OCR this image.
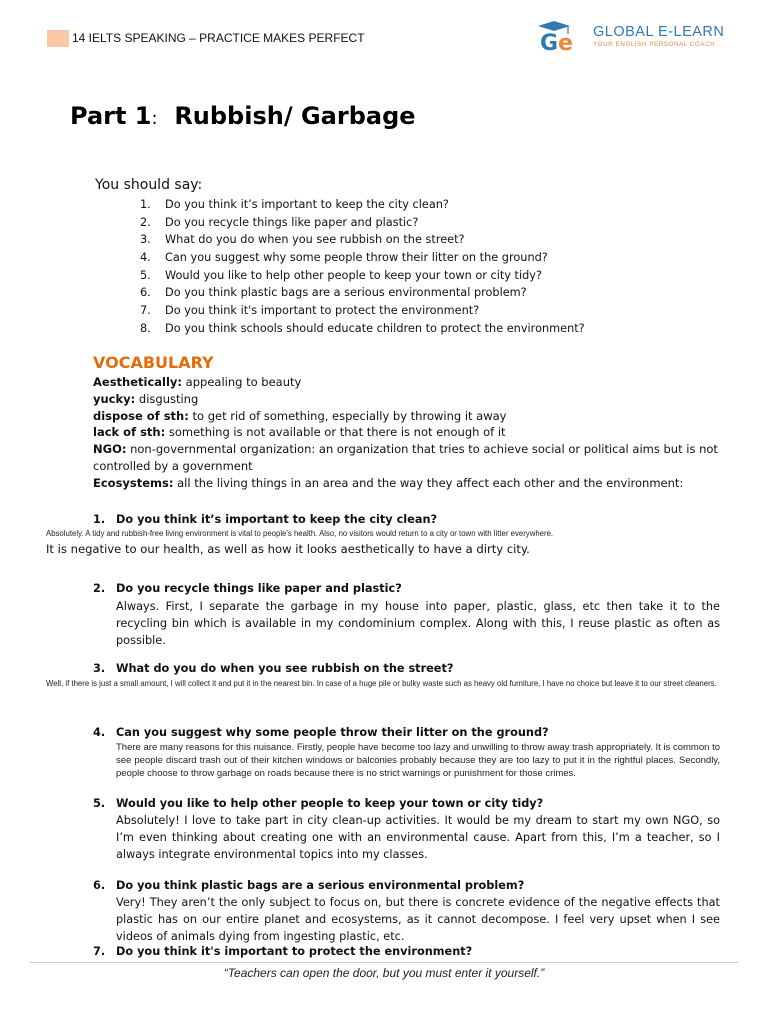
14 IELTS SPEAKING – PRACTICE MAKES PERFECT	G e GLOBAL E-LEARN
YOUR ENGLISH PERSONAL COACH
Part 1: Rubbish/ Garbage
You should say:
1. Do you think it’s important to keep the city clean?
2. Do you recycle things like paper and plastic?
3. What do you do when you see rubbish on the street?
4. Can you suggest why some people throw their litter on the ground?
5. Would you like to help other people to keep your town or city tidy?
6. Do you think plastic bags are a serious environmental problem?
7. Do you think it's important to protect the environment?
8. Do you think schools should educate children to protect the environment?
VOCABULARY

Aesthetically: appealing to beauty

yucky: disgusting

dispose of sth: to get rid of something, especially by throwing it away

lack of sth: something is not available or that there is not enough of it

NGO: non-governmental organization: an organization that tries to achieve social or political aims but is not controlled by a government

Ecosystems: all the living things in an area and the way they affect each other and the environment:

1. Do you think it’s important to keep the city clean?
Absolutely. A tidy and rubbish-free living environment is vital to people's health. Also, no visitors would return to a city or town with litter everywhere.
It is negative to our health, as well as how it looks aesthetically to have a dirty city.
2. Do you recycle things like paper and plastic?
Always. First, I separate the garbage in my house into paper, plastic, glass, etc then take it to the recycling bin which is available in my condominium complex. Along with this, I reuse plastic as often as possible.
3. What do you do when you see rubbish on the street?
Well, if there is just a small amount, I will collect it and put it in the nearest bin. In case of a huge pile or bulky waste such as heavy old furniture, I have no choice but leave it to our street cleaners.
4. Can you suggest why some people throw their litter on the ground?
There are many reasons for this nuisance. Firstly, people have become too lazy and unwilling to throw away trash appropriately. It is common to see people discard trash out of their kitchen windows or balconies probably because they are too lazy to put it in the rightful places. Secondly, people choose to throw garbage on roads because there is no strict warnings or punishment for those crimes.
5. Would you like to help other people to keep your town or city tidy?
Absolutely! I love to take part in city clean-up activities. It would be my dream to start my own NGO, so I’m even thinking about creating one with an environmental cause. Apart from this, I’m a teacher, so I always integrate environmental topics into my classes.
6. Do you think plastic bags are a serious environmental problem?
Very! They aren’t the only subject to focus on, but there is concrete evidence of the negative effects that plastic has on our entire planet and ecosystems, as it cannot decompose. I feel very upset when I see videos of animals dying from ingesting plastic, etc.
7. Do you think it's important to protect the environment?
“Teachers can open the door, but you must enter it yourself.”
